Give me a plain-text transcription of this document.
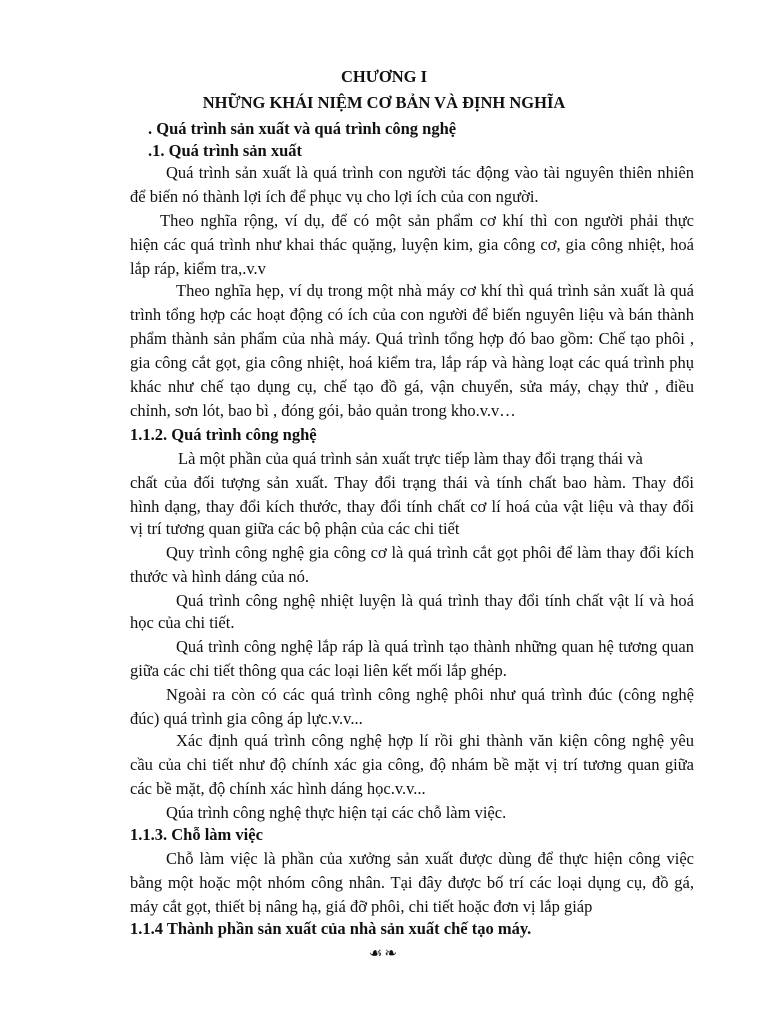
CHƯƠNG I
NHỮNG KHÁI NIỆM CƠ BẢN VÀ ĐỊNH NGHĨA
. Quá trình sản xuất và quá trình công nghệ
.1. Quá trình sản xuất
Quá trình sản xuất là quá trình con người tác động vào tài nguyên thiên nhiên
để biến nó thành lợi ích để phục vụ cho lợi ích của con người.
Theo nghĩa rộng, ví dụ, để có một sản phẩm cơ khí thì con người phải thực
hiện các quá trình như khai thác quặng, luyện kim, gia công cơ, gia công nhiệt, hoá
lắp ráp, kiểm tra,.v.v
Theo nghĩa hẹp, ví dụ trong một nhà máy cơ khí thì quá trình sản xuất là quá
trình tổng hợp các hoạt động có ích của con người để biến nguyên liệu và bán thành
phẩm thành sản phẩm của nhà máy. Quá trình tổng hợp đó bao gồm: Chế tạo phôi ,
gia công cắt gọt, gia công nhiệt, hoá kiểm tra, lắp ráp và hàng loạt các quá trình phụ
khác như chế tạo dụng cụ, chế tạo đồ gá, vận chuyển, sửa máy, chạy thử , điều
chỉnh, sơn lót, bao bì , đóng gói, bảo quản trong kho.v.v…
1.1.2. Quá trình công nghệ
Là một phần của quá trình sản xuất trực tiếp làm thay đổi trạng thái và
chất của đối tượng sản xuất. Thay đổi trạng thái và tính chất bao hàm. Thay đổi
hình dạng, thay đổi kích thước, thay đổi tính chất cơ lí hoá của vật liệu và thay đổi
vị trí tương quan giữa các bộ phận của các chi tiết
Quy trình công nghệ gia công cơ là quá trình cắt gọt phôi để làm thay đổi kích
thước và hình dáng của nó.
Quá trình công nghệ nhiệt luyện là quá trình thay đổi tính chất vật lí và hoá
học của chi tiết.
Quá trình công nghệ lắp ráp là quá trình tạo thành những quan hệ tương quan
giữa các chi tiết thông qua các loại liên kết mối lắp ghép.
Ngoài ra còn có các quá trình công nghệ phôi như quá trình đúc (công nghệ
đúc) quá trình gia công áp lực.v.v...
Xác định quá trình công nghệ hợp lí rồi ghi thành văn kiện công nghệ yêu
cầu của chi tiết như độ chính xác gia công, độ nhám bề mặt vị trí tương quan giữa
các bề mặt, độ chính xác hình dáng học.v.v...
Qúa trình công nghệ thực hiện tại các chỗ làm việc.
1.1.3. Chỗ làm việc
Chỗ làm việc là phần của xưởng sản xuất được dùng để thực hiện công việc
bằng một hoặc một nhóm công nhân. Tại đây được bố trí các loại dụng cụ, đồ gá,
máy cắt gọt, thiết bị nâng hạ, giá đỡ phôi, chi tiết hoặc đơn vị lắp giáp
1.1.4 Thành phần sản xuất của nhà sản xuất chế tạo máy.
☙❧
